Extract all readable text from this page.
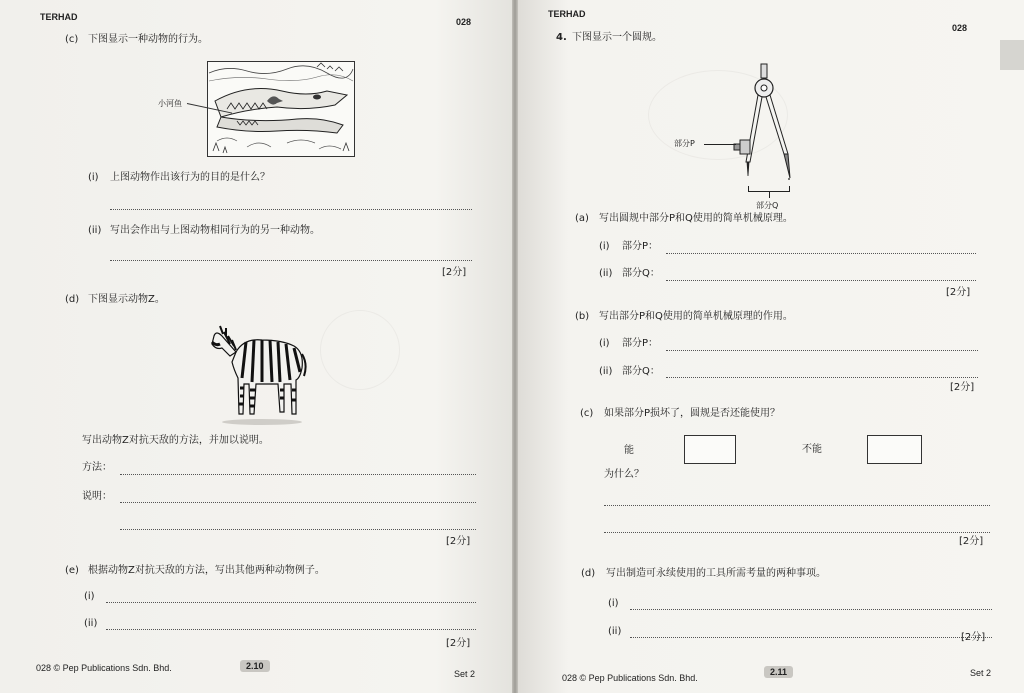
TERHAD	028
(c) 下图显示一种动物的行为。
小河鱼
(i) 上图动物作出该行为的目的是什么？
(ii) 写出会作出与上图动物相同行为的另一种动物。
[2分]
(d) 下图显示动物Z。
写出动物Z对抗天敌的方法，并加以说明。
方法：
说明：
[2分]
(e) 根据动物Z对抗天敌的方法，写出其他两种动物例子。
(i)
(ii)
[2分]
028 © Pep Publications Sdn. Bhd.	2.10
Set 2
TERHAD
028
4. 下图显示一个圆规。
部分P
部分Q
(a) 写出圆规中部分P和Q使用的简单机械原理。
(i) 部分P：
(ii) 部分Q：
[2分]
(b) 写出部分P和Q使用的简单机械原理的作用。
(i) 部分P：
(ii) 部分Q：
[2分]
(c) 如果部分P损坏了，圆规是否还能使用？
能	不能
为什么？
[2分]
(d) 写出制造可永续使用的工具所需考量的两种事项。
(i)
(ii)
[2分]
028 © Pep Publications Sdn. Bhd.
2.11	Set 2
